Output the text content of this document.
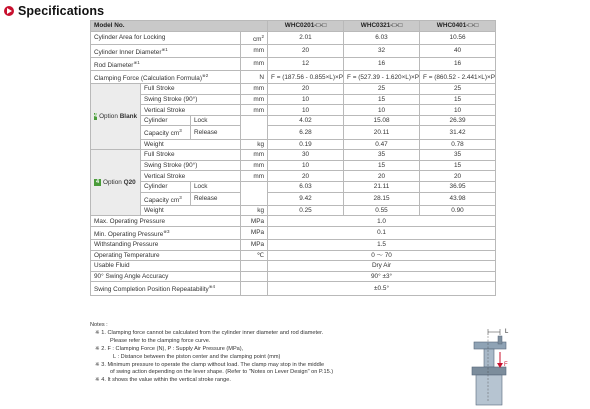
Specifications
Model No.				WHC0201-□-□	WHC0321-□-□	WHC0401-□-□
Cylinder Area for Locking			$cm^2$	2.01	6.03	10.56
Cylinder Inner Diameter$^{※1}$			mm	20	32	40
Rod Diameter$^{※1}$			mm	12	16	16
Clamping Force (Calculation Formula)$^{※2}$			N	F = (187.56 - 0.855×L)×P	F = (527.39 - 1.620×L)×P	F = (860.52 - 2.441×L)×P

4 Option Blank	Full Stroke		mm	20	25	25
	Swing Stroke (90°)		mm	10	15	15
	Vertical Stroke		mm	10	10	10
	Cylinder	Lock		4.02	15.08	26.39
	Capacity $cm^3$	Release		6.28	20.11	31.42
	Weight		kg	0.19	0.47	0.78

4 Option Q20	Full Stroke		mm	30	35	35
	Swing Stroke (90°)		mm	10	15	15
	Vertical Stroke		mm	20	20	20
	Cylinder	Lock		6.03	21.11	36.95
	Capacity $cm^3$	Release		9.42	28.15	43.98
	Weight		kg	0.25	0.55	0.90
Max. Operating Pressure			MPa	1.0		
Min. Operating Pressure$^{※3}$			MPa	0.1		
Withstanding Pressure			MPa	1.5		
Operating Temperature			℃	0 ～ 70		
Usable Fluid				Dry Air		
90° Swing Angle Accuracy				90° ±3°		
Swing Completion Position Repeatability$^{※4}$				±0.5°		
Notes :
※ 1. Clamping force cannot be calculated from the cylinder inner diameter and rod diameter.
Please refer to the clamping force curve.
※ 2. F : Clamping Force (N), P : Supply Air Pressure (MPa),
L : Distance between the piston center and the clamping point (mm)
※ 3. Minimum pressure to operate the clamp without load. The clamp may stop in the middle
of swing action depending on the lever shape. (Refer to "Notes on Lever Design" on P.15.)
※ 4. It shows the value within the vertical stroke range.
L
F
